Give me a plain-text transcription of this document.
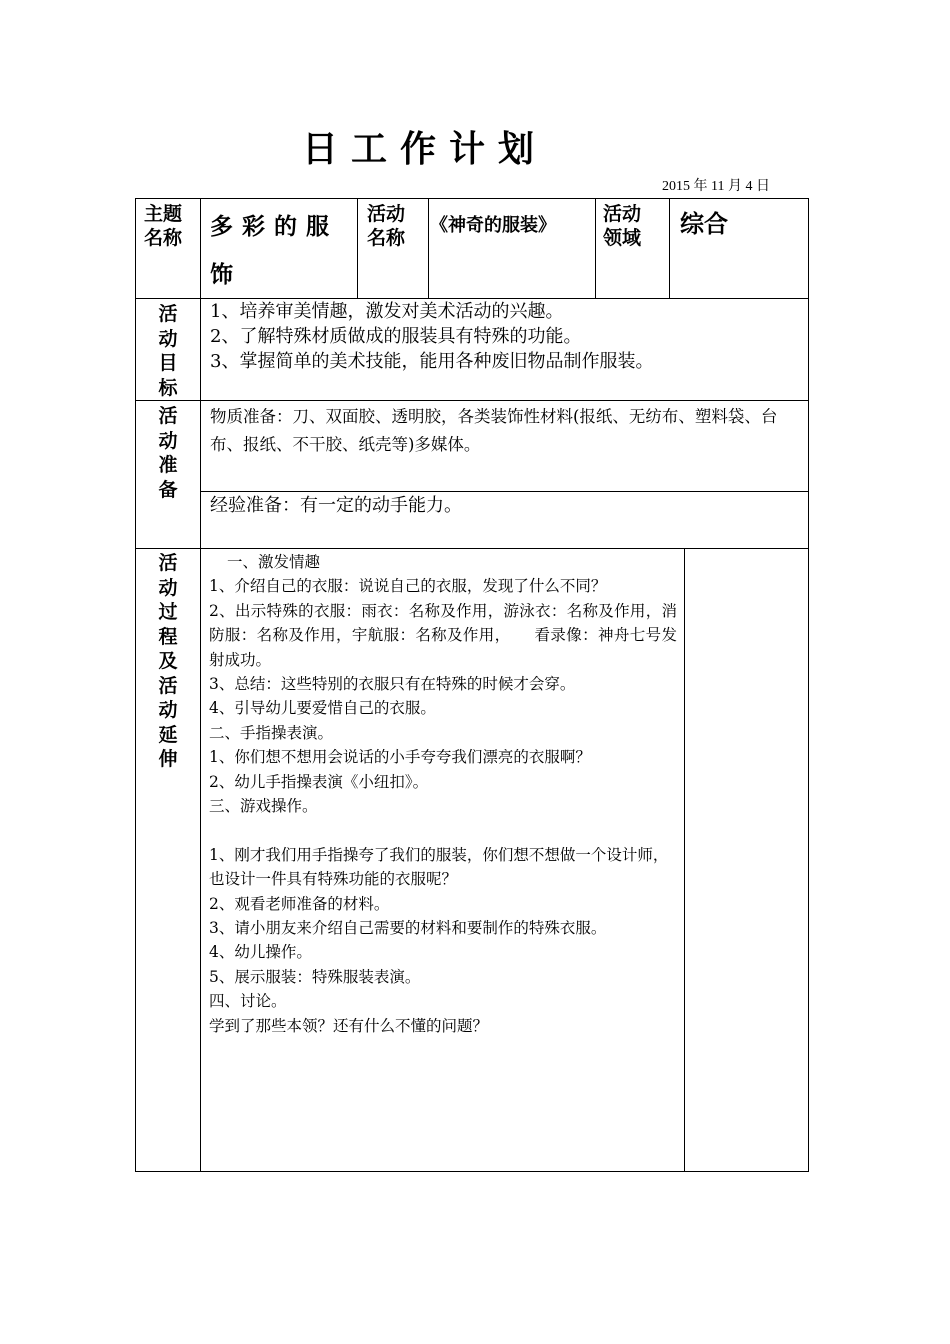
日工作计划
2015 年 11 月 4 日
主题名称	多彩的服饰
活动名称
《神奇的服装》
活动领域	综合
活动目标

1、培养审美情趣，激发对美术活动的兴趣。

2、了解特殊材质做成的服装具有特殊的功能。

3、掌握简单的美术技能，能用各种废旧物品制作服装。

活动准备
物质准备：刀、双面胶、透明胶，各类装饰性材料(报纸、无纺布、塑料袋、台布、报纸、不干胶、纸壳等)多媒体。
经验准备：有一定的动手能力。
活动过程及活动延伸

一、激发情趣

1、介绍自己的衣服：说说自己的衣服，发现了什么不同？

2、出示特殊的衣服：雨衣：名称及作用，游泳衣：名称及作用，消防服：名称及作用，宇航服：名称及作用，　　看录像：神舟七号发射成功。

3、总结：这些特别的衣服只有在特殊的时候才会穿。

4、引导幼儿要爱惜自己的衣服。

二、手指操表演。

1、你们想不想用会说话的小手夸夸我们漂亮的衣服啊？

2、幼儿手指操表演《小纽扣》。

三、游戏操作。

1、刚才我们用手指操夸了我们的服装，你们想不想做一个设计师，也设计一件具有特殊功能的衣服呢？

2、观看老师准备的材料。

3、请小朋友来介绍自己需要的材料和要制作的特殊衣服。

4、幼儿操作。

5、展示服装：特殊服装表演。

四、讨论。

学到了那些本领？还有什么不懂的问题？
